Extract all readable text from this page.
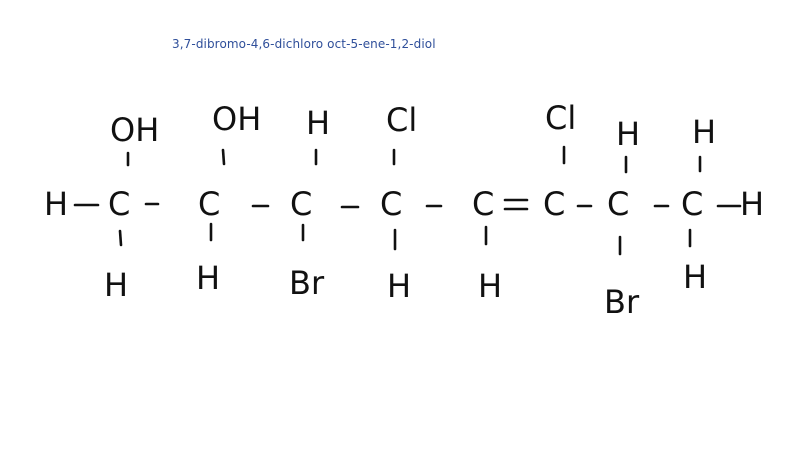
3,7-dibromo-4,6-dichloro oct-5-ene-1,2-diol
H	H
C C C C C C C C
OH OH H Cl	Cl H H
H H Br H H	Br
H
